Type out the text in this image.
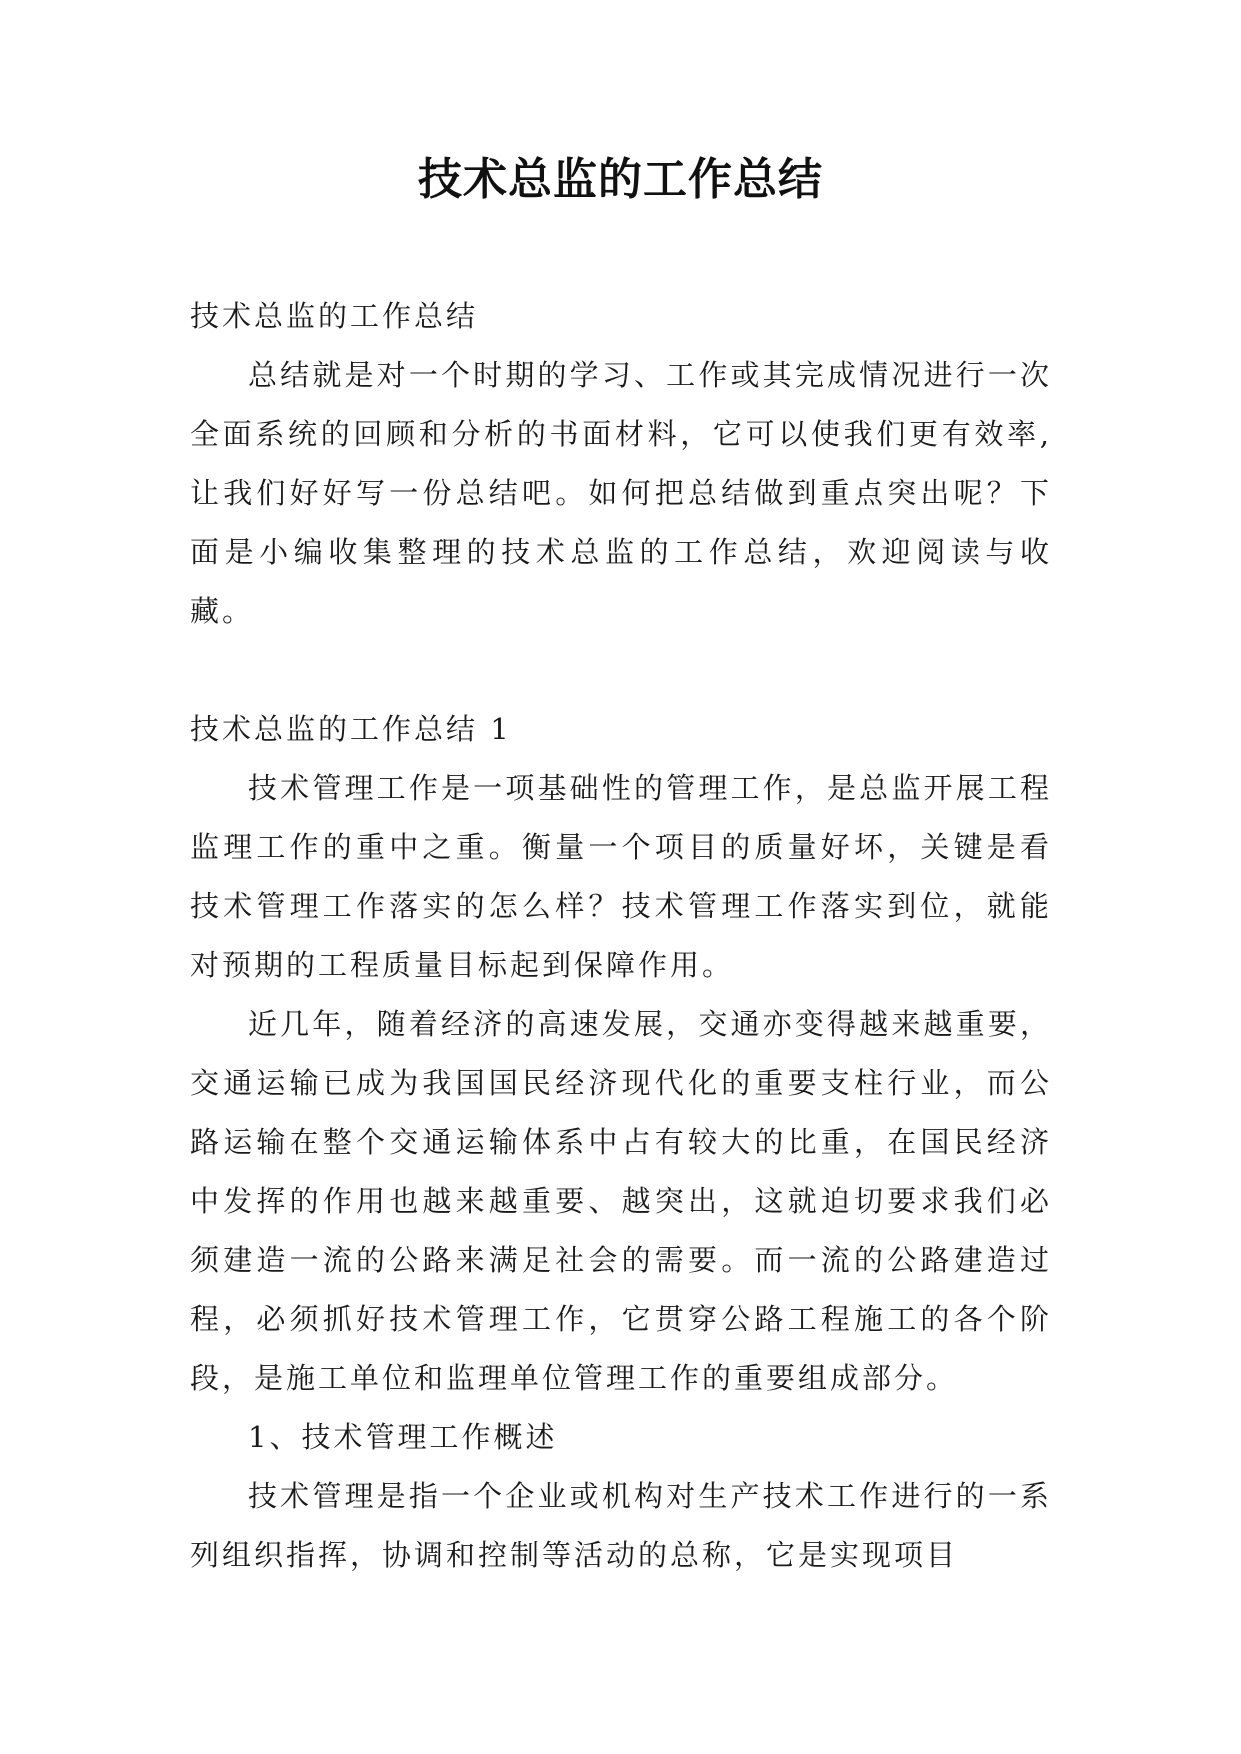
技术总监的工作总结

技术总监的工作总结

总结就是对一个时期的学习、工作或其完成情况进行一次全面系统的回顾和分析的书面材料，它可以使我们更有效率,让我们好好写一份总结吧。如何把总结做到重点突出呢？下面是小编收集整理的技术总监的工作总结，欢迎阅读与收藏。

技术总监的工作总结 1

技术管理工作是一项基础性的管理工作，是总监开展工程监理工作的重中之重。衡量一个项目的质量好坏，关键是看技术管理工作落实的怎么样？技术管理工作落实到位，就能对预期的工程质量目标起到保障作用。

近几年，随着经济的高速发展，交通亦变得越来越重要，交通运输已成为我国国民经济现代化的重要支柱行业，而公路运输在整个交通运输体系中占有较大的比重，在国民经济中发挥的作用也越来越重要、越突出，这就迫切要求我们必须建造一流的公路来满足社会的需要。而一流的公路建造过程，必须抓好技术管理工作，它贯穿公路工程施工的各个阶段，是施工单位和监理单位管理工作的重要组成部分。

1、技术管理工作概述

技术管理是指一个企业或机构对生产技术工作进行的一系列组织指挥，协调和控制等活动的总称，它是实现项目
